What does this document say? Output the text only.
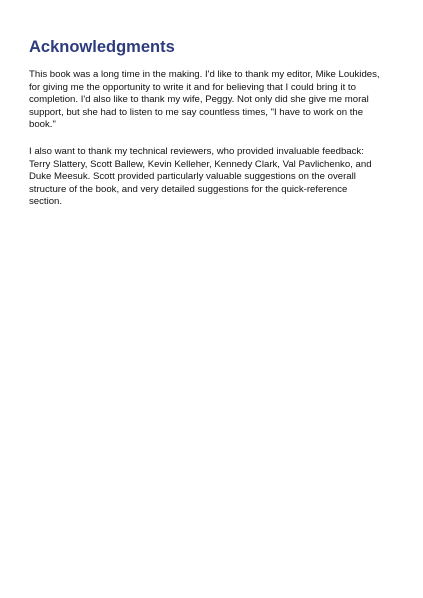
Acknowledgments

This book was a long time in the making. I'd like to thank my editor, Mike Loukides,
for giving me the opportunity to write it and for believing that I could bring it to
completion. I'd also like to thank my wife, Peggy. Not only did she give me moral
support, but she had to listen to me say countless times, "I have to work on the
book."

I also want to thank my technical reviewers, who provided invaluable feedback:
Terry Slattery, Scott Ballew, Kevin Kelleher, Kennedy Clark, Val Pavlichenko, and
Duke Meesuk. Scott provided particularly valuable suggestions on the overall
structure of the book, and very detailed suggestions for the quick-reference
section.
